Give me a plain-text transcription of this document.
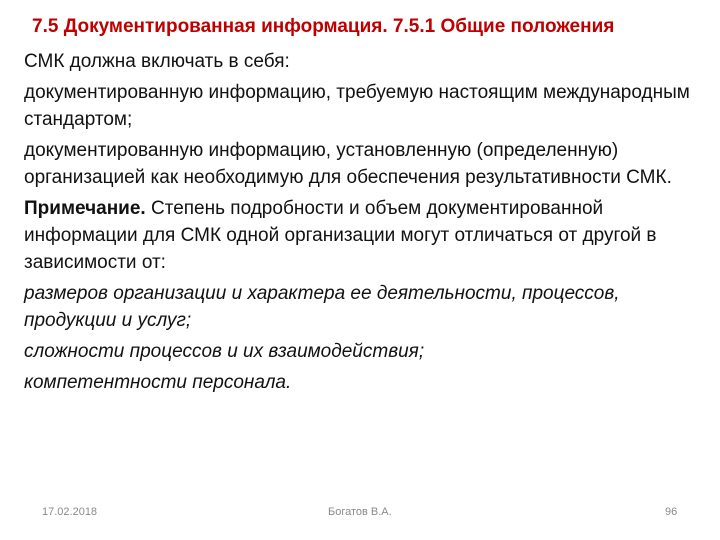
7.5 Документированная информация. 7.5.1 Общие положения

СМК должна включать в себя:

документированную информацию, требуемую настоящим международным стандартом;

документированную информацию, установленную (определенную) организацией как необходимую для обеспечения результативности СМК.

Примечание. Степень подробности и объем документированной информации для СМК одной организации могут отличаться от другой в зависимости от:

размеров организации и характера ее деятельности, процессов, продукции и услуг;

сложности процессов и их взаимодействия;

компетентности персонала.

17.02.2018	Богатов В.А.	96
